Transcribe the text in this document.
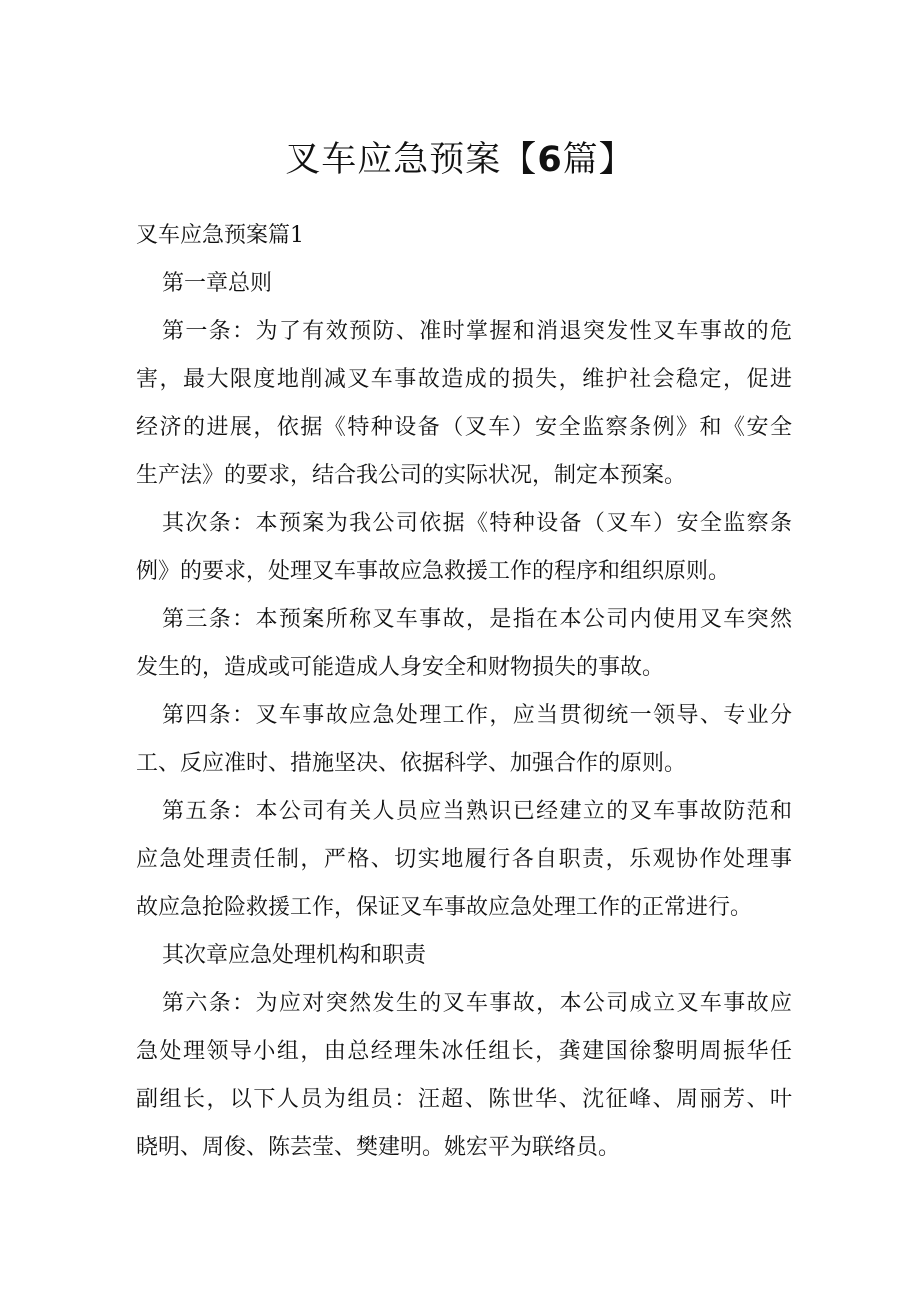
叉车应急预案【6篇】
叉车应急预案篇1
第一章总则
第一条：为了有效预防、准时掌握和消退突发性叉车事故的危
害，最大限度地削减叉车事故造成的损失，维护社会稳定，促进
经济的进展，依据《特种设备（叉车）安全监察条例》和《安全
生产法》的要求，结合我公司的实际状况，制定本预案。
其次条：本预案为我公司依据《特种设备（叉车）安全监察条
例》的要求，处理叉车事故应急救援工作的程序和组织原则。
第三条：本预案所称叉车事故，是指在本公司内使用叉车突然
发生的，造成或可能造成人身安全和财物损失的事故。
第四条：叉车事故应急处理工作，应当贯彻统一领导、专业分
工、反应准时、措施坚决、依据科学、加强合作的原则。
第五条：本公司有关人员应当熟识已经建立的叉车事故防范和
应急处理责任制，严格、切实地履行各自职责，乐观协作处理事
故应急抢险救援工作，保证叉车事故应急处理工作的正常进行。
其次章应急处理机构和职责
第六条：为应对突然发生的叉车事故，本公司成立叉车事故应
急处理领导小组，由总经理朱冰任组长，龚建国徐黎明周振华任
副组长，以下人员为组员：汪超、陈世华、沈征峰、周丽芳、叶
晓明、周俊、陈芸莹、樊建明。姚宏平为联络员。
